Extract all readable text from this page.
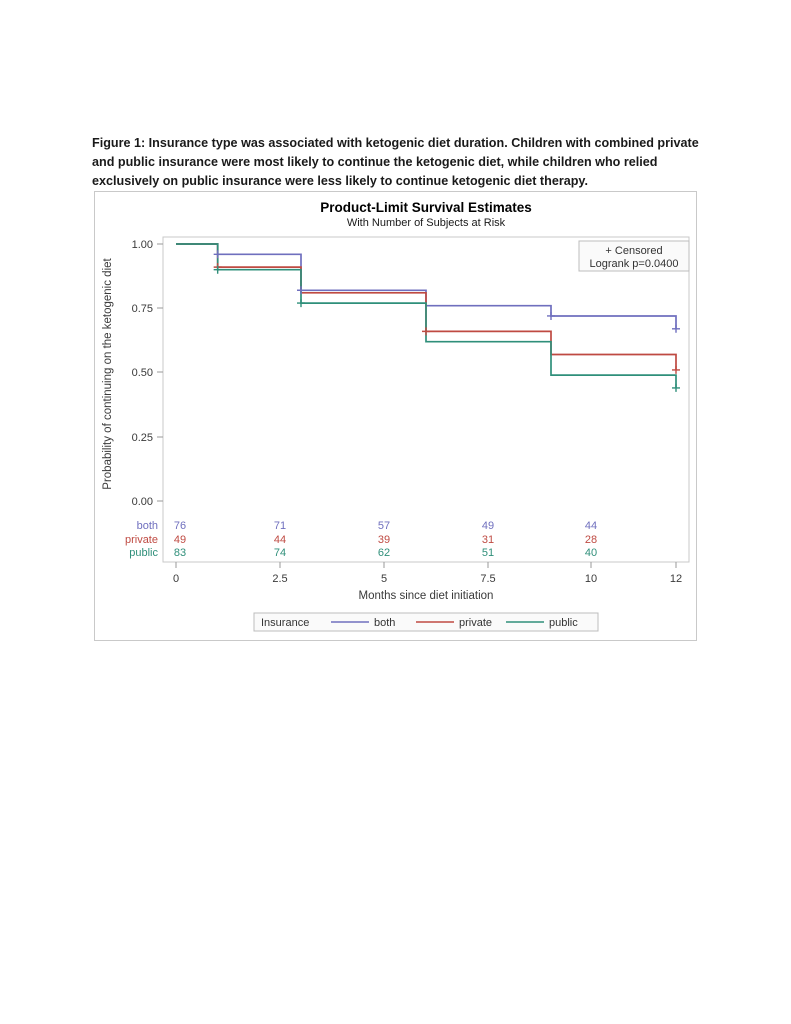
Figure 1: Insurance type was associated with ketogenic diet duration. Children with combined private and public insurance were most likely to continue the ketogenic diet, while children who relied exclusively on public insurance were less likely to continue ketogenic diet therapy.

Product-Limit Survival Estimates
With Number of Subjects at Risk
1.00
0.75
0.50
0.25
0.00
Probability of continuing on the ketogenic diet
0	2.5	5	7.5	10	12
Months since diet initiation
+ Censored
Logrank p=0.0400
both
private
public
76	71	57	49	44
49	44	39	31	28
83	74	62	51	40
Insurance	both	private	public
